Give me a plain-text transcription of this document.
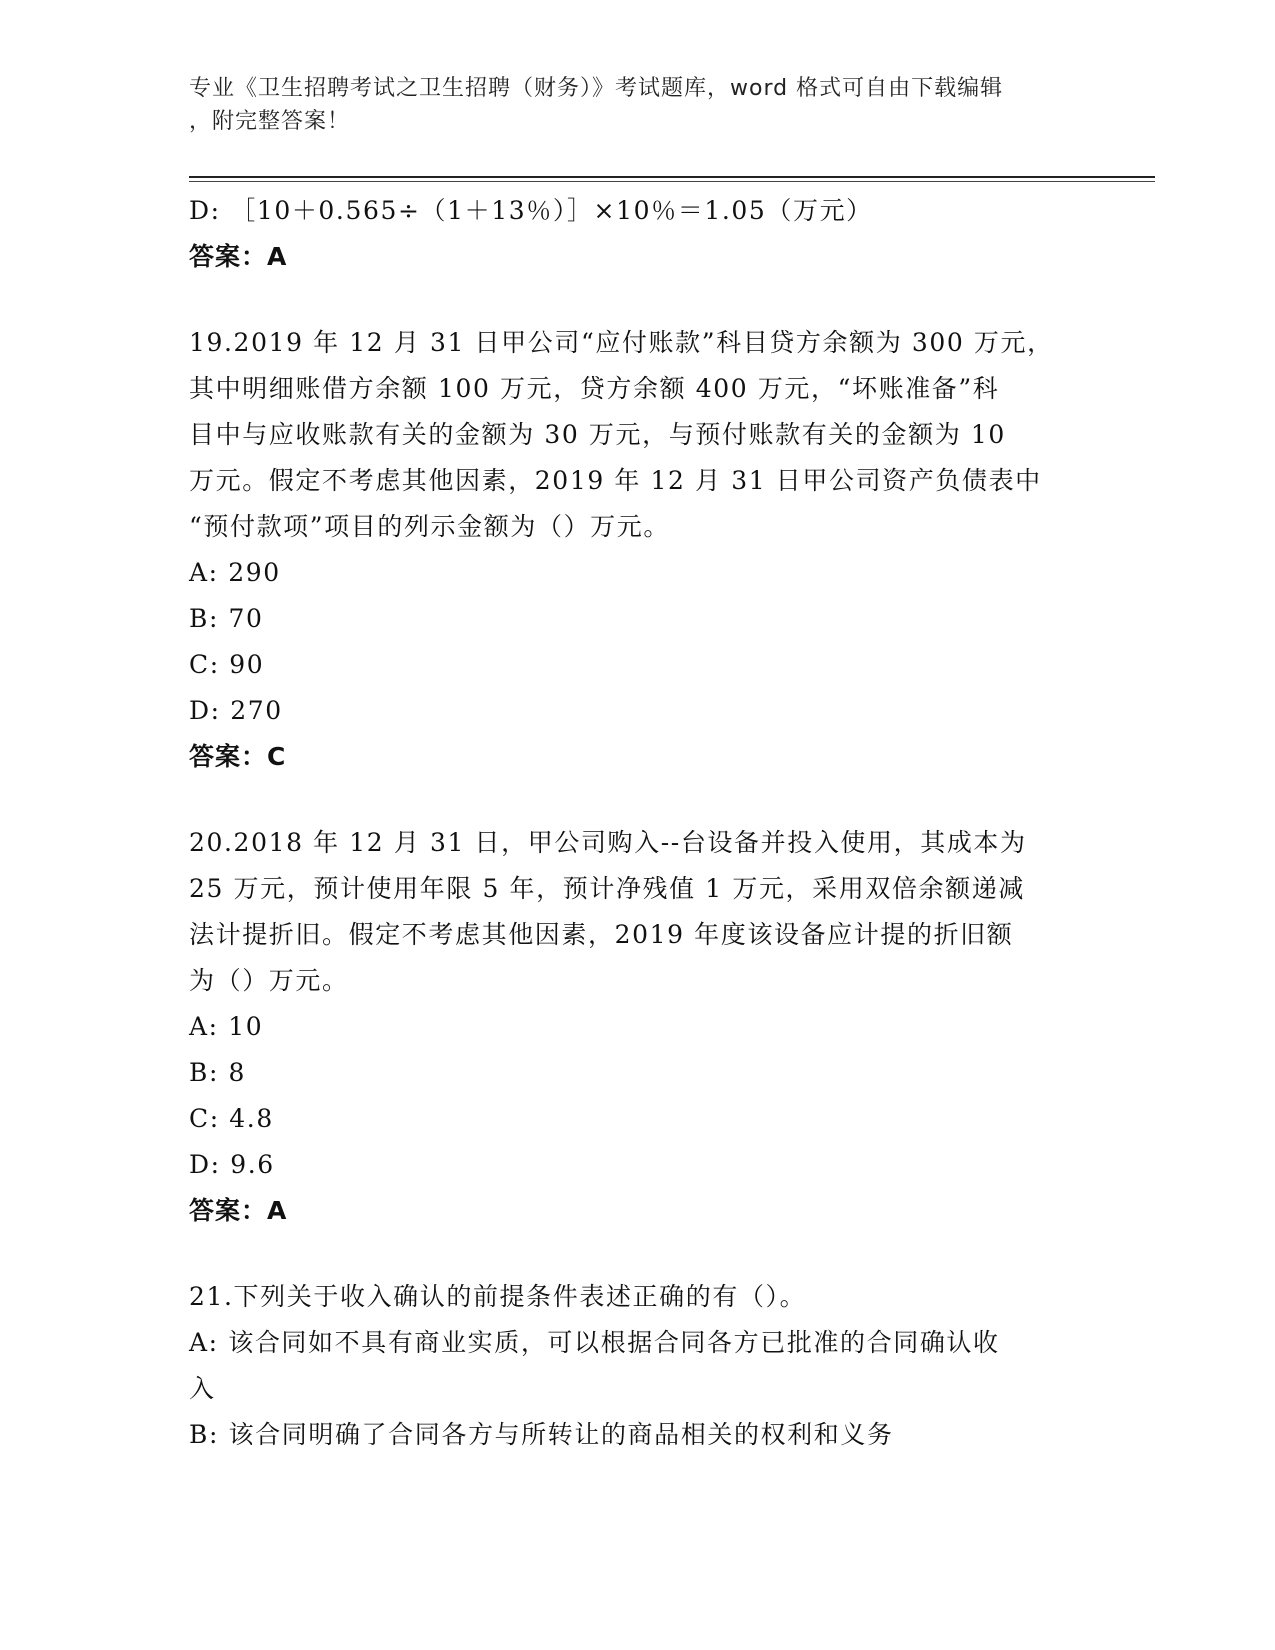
专业《卫生招聘考试之卫生招聘（财务）》考试题库，word 格式可自由下载编辑
，附完整答案！
D: ［10＋0.565÷（1＋13％）］×10％＝1.05（万元）
答案：A
19.2019 年 12 月 31 日甲公司“应付账款”科目贷方余额为 300 万元，
其中明细账借方余额 100 万元，贷方余额 400 万元，“坏账准备”科
目中与应收账款有关的金额为 30 万元，与预付账款有关的金额为 10
万元。假定不考虑其他因素，2019 年 12 月 31 日甲公司资产负债表中
“预付款项”项目的列示金额为（）万元。
A: 290
B: 70
C: 90
D: 270
答案：C
20.2018 年 12 月 31 日，甲公司购入--台设备并投入使用，其成本为
25 万元，预计使用年限 5 年，预计净残值 1 万元，采用双倍余额递减
法计提折旧。假定不考虑其他因素，2019 年度该设备应计提的折旧额
为（）万元。
A: 10
B: 8
C: 4.8
D: 9.6
答案：A
21.下列关于收入确认的前提条件表述正确的有（）。
A: 该合同如不具有商业实质，可以根据合同各方已批准的合同确认收
入
B: 该合同明确了合同各方与所转让的商品相关的权利和义务
